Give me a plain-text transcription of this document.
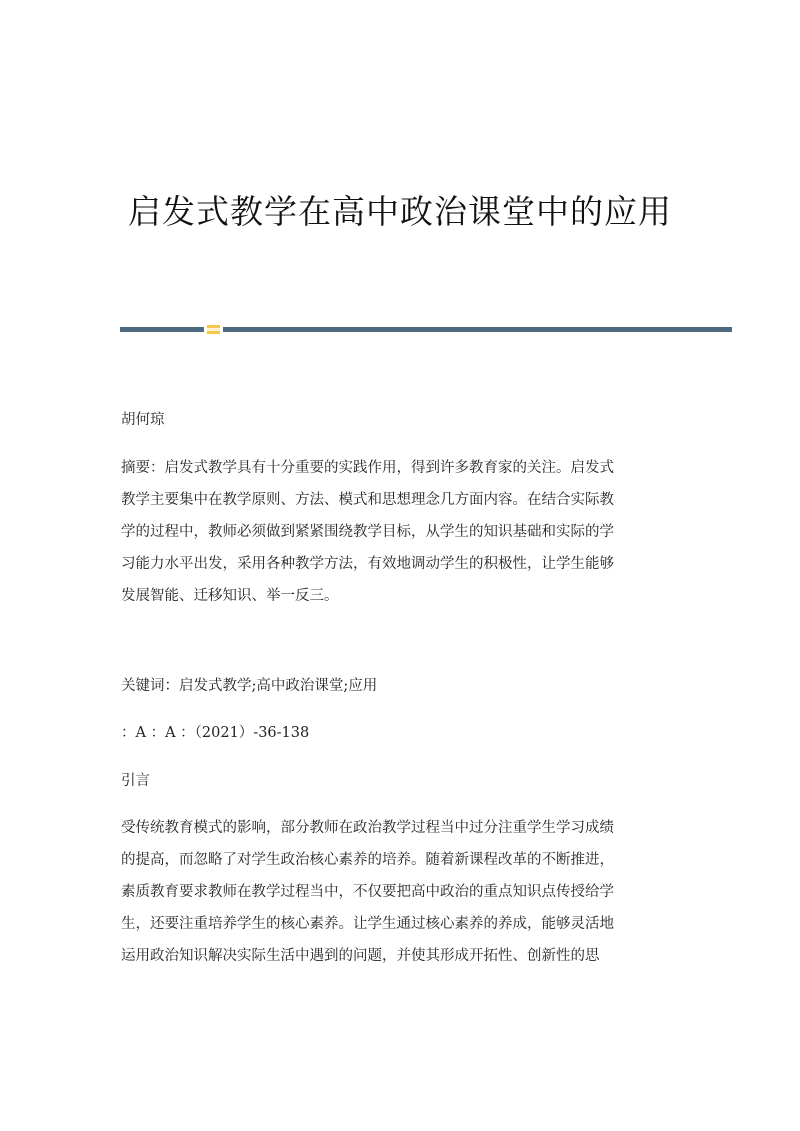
启发式教学在高中政治课堂中的应用

胡何琼

摘要：启发式教学具有十分重要的实践作用，得到许多教育家的关注。启发式
教学主要集中在教学原则、方法、模式和思想理念几方面内容。在结合实际教
学的过程中，教师必须做到紧紧围绕教学目标，从学生的知识基础和实际的学
习能力水平出发，采用各种教学方法，有效地调动学生的积极性，让学生能够
发展智能、迁移知识、举一反三。

关键词：启发式教学;高中政治课堂;应用

：A ：A ：（2021）-36-138

引言

受传统教育模式的影响，部分教师在政治教学过程当中过分注重学生学习成绩
的提高，而忽略了对学生政治核心素养的培养。随着新课程改革的不断推进，
素质教育要求教师在教学过程当中，不仅要把高中政治的重点知识点传授给学
生，还要注重培养学生的核心素养。让学生通过核心素养的养成，能够灵活地
运用政治知识解决实际生活中遇到的问题，并使其形成开拓性、创新性的思
